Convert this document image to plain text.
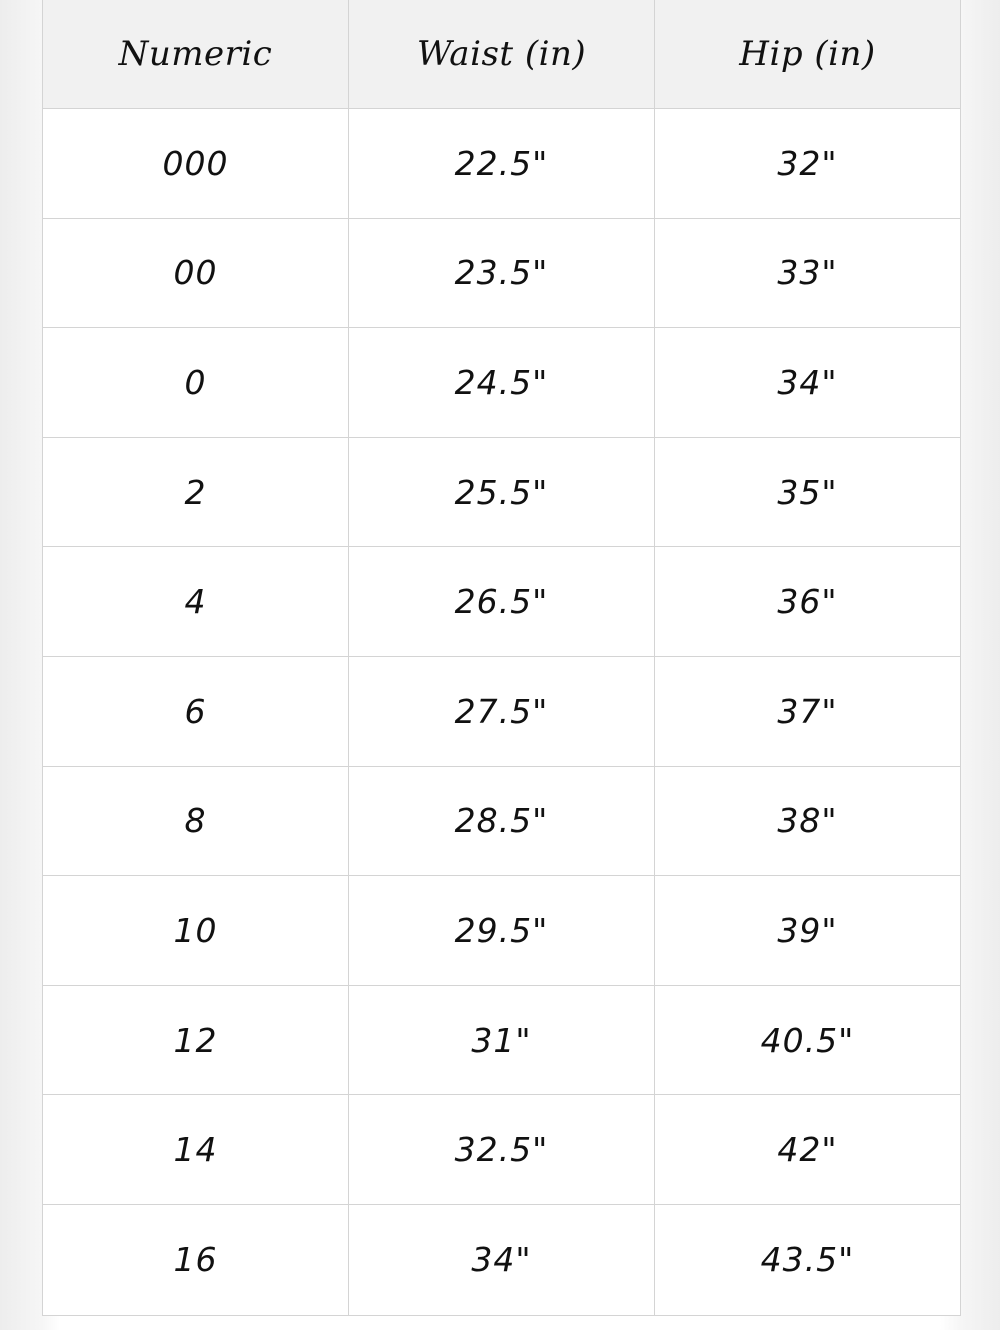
Numeric	Waist (in)	Hip (in)
000	22.5"	32"
00	23.5"	33"
0	24.5"	34"
2	25.5"	35"
4	26.5"	36"
6	27.5"	37"
8	28.5"	38"
10	29.5"	39"
12	31"	40.5"
14	32.5"	42"
16	34"	43.5"
